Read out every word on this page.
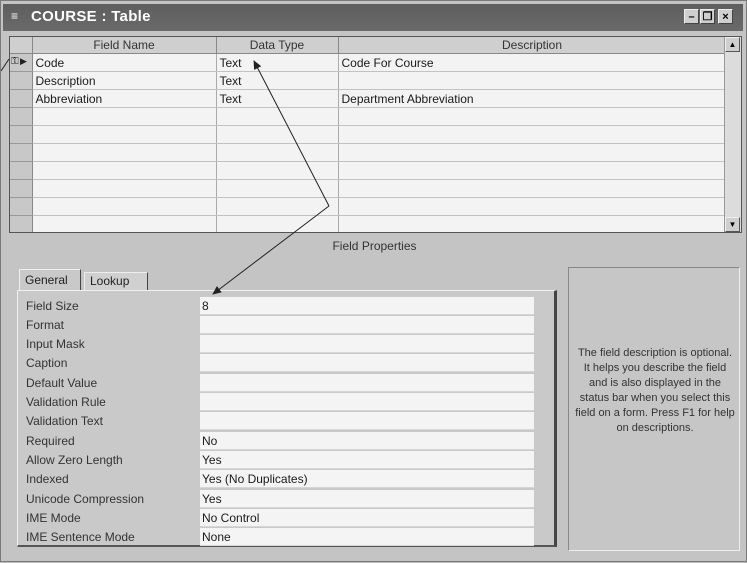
≡ COURSE : Table	– ❐ ×
	Field Name	Data Type	Description

⚿ ▶	Code	Text	Code For Course
	Description	Text	
	Abbreviation	Text	Department Abbreviation

▲
▼
Field Properties
General	Lookup
Field Size	8
Format
Input Mask
Caption
Default Value
Validation Rule
Validation Text
Required	No
Allow Zero Length	Yes
Indexed	Yes (No Duplicates)
Unicode Compression	Yes
IME Mode	No Control
IME Sentence Mode	None
The field description is optional. It helps you describe the field and is also displayed in the status bar when you select this field on a form. Press F1 for help on descriptions.
